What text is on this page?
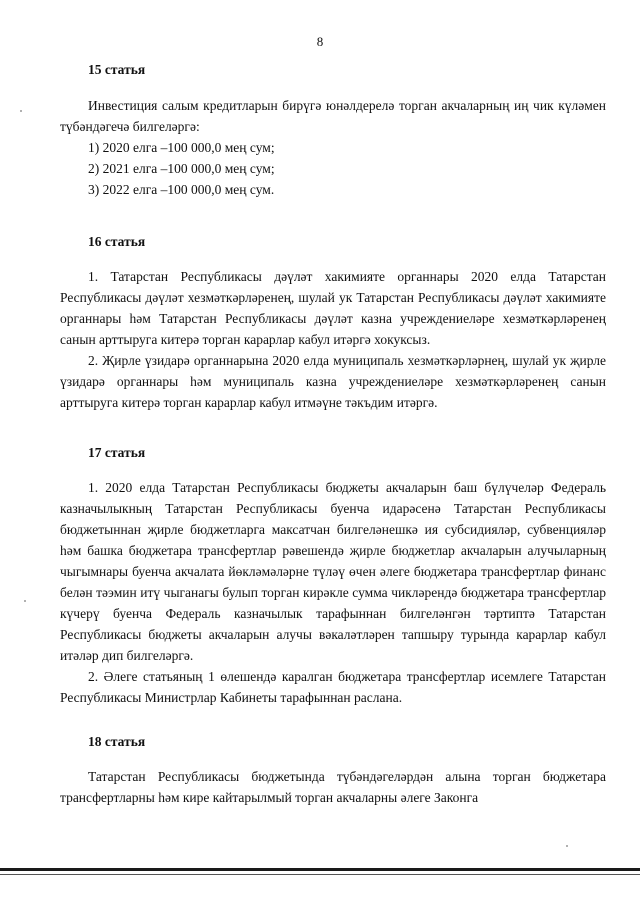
8

15 статья

Инвестиция салым кредитларын бирүгә юнәлдерелә торган акчаларның иң чик күләмен түбәндәгечә билгеләргә:

1) 2020 елга –100 000,0 мең сум;

2) 2021 елга –100 000,0 мең сум;

3) 2022 елга –100 000,0 мең сум.

16 статья

1. Татарстан Республикасы дәүләт хакимияте органнары 2020 елда Татарстан Республикасы дәүләт хезмәткәрләренең, шулай ук Татарстан Республикасы дәүләт хакимияте органнары һәм Татарстан Республикасы дәүләт казна учреждениеләре хезмәткәрләренең санын арттыруга китерә торган карарлар кабул итәргә хокуксыз.

2. Җирле үзидарә органнарына 2020 елда муниципаль хезмәткәрләрнең, шулай ук җирле үзидарә органнары һәм муниципаль казна учреждениеләре хезмәткәрләренең санын арттыруга китерә торган карарлар кабул итмәүне тәкъдим итәргә.

17 статья

1. 2020 елда Татарстан Республикасы бюджеты акчаларын баш бүлүчеләр Федераль казначылыкның Татарстан Республикасы буенча идарәсенә Татарстан Республикасы бюджетыннан җирле бюджетларга максатчан билгеләнешкә ия субсидияләр, субвенцияләр һәм башка бюджетара трансфертлар рәвешендә җирле бюджетлар акчаларын алучыларның чыгымнары буенча акчалата йөкләмәләрне түләү өчен әлеге бюджетара трансфертлар финанс белән тәэмин итү чыганагы булып торган кирәкле сумма чикләрендә бюджетара трансфертлар күчерү буенча Федераль казначылык тарафыннан билгеләнгән тәртиптә Татарстан Республикасы бюджеты акчаларын алучы вәкаләтләрен тапшыру турында карарлар кабул итәләр дип билгеләргә.

2. Әлеге статьяның 1 өлешендә каралган бюджетара трансфертлар исемлеге Татарстан Республикасы Министрлар Кабинеты тарафыннан раслана.

18 статья

Татарстан Республикасы бюджетында түбәндәгеләрдән алына торган бюджетара трансфертларны һәм кире кайтарылмый торган акчаларны әлеге Законга
